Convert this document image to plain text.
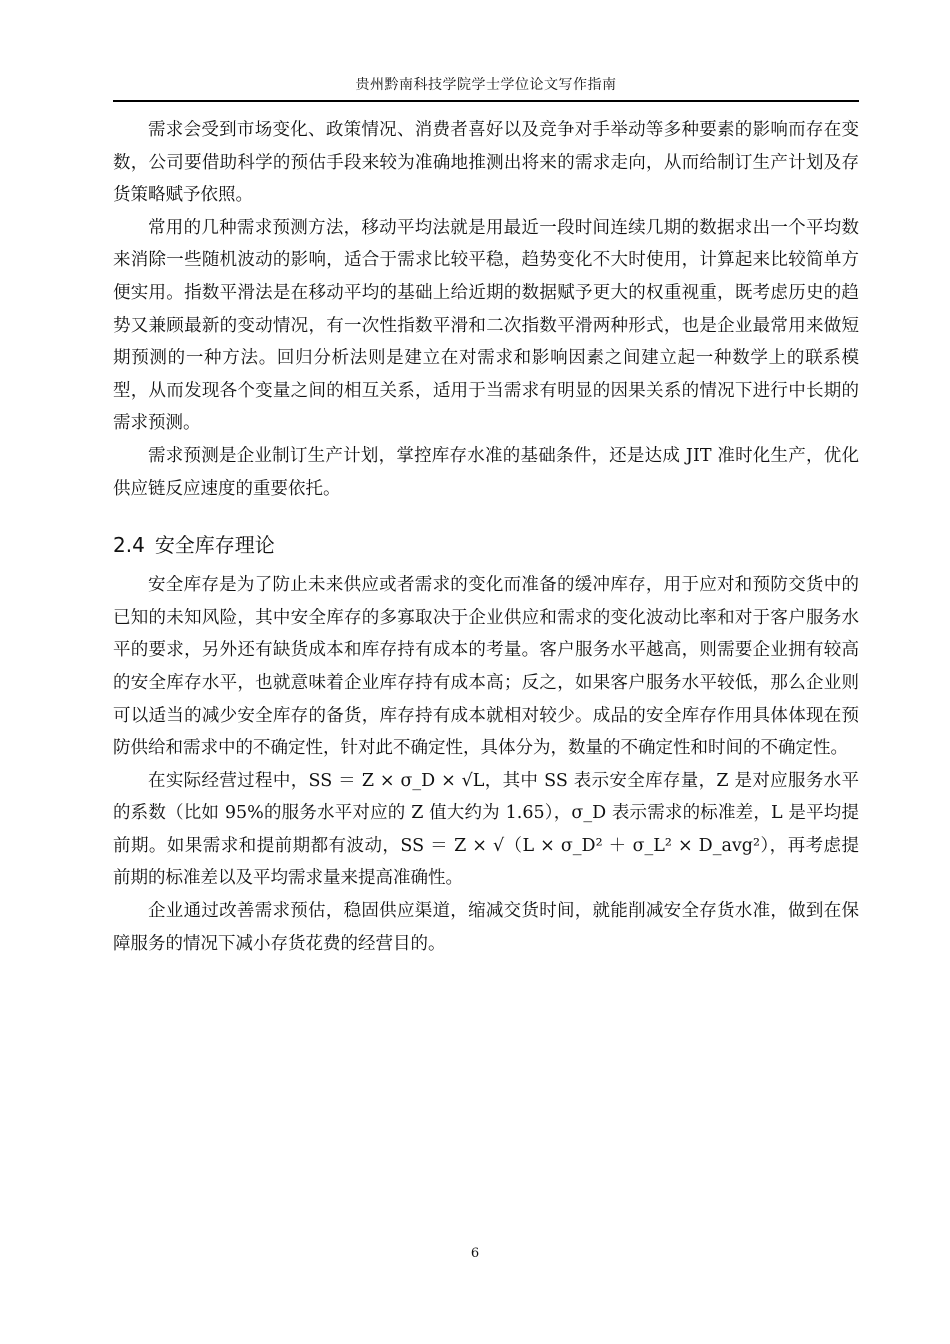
贵州黔南科技学院学士学位论文写作指南

需求会受到市场变化、政策情况、消费者喜好以及竞争对手举动等多种要素的影响而存在变数，公司要借助科学的预估手段来较为准确地推测出将来的需求走向，从而给制订生产计划及存货策略赋予依照。

常用的几种需求预测方法，移动平均法就是用最近一段时间连续几期的数据求出一个平均数来消除一些随机波动的影响，适合于需求比较平稳，趋势变化不大时使用，计算起来比较简单方便实用。指数平滑法是在移动平均的基础上给近期的数据赋予更大的权重视重，既考虑历史的趋势又兼顾最新的变动情况，有一次性指数平滑和二次指数平滑两种形式，也是企业最常用来做短期预测的一种方法。回归分析法则是建立在对需求和影响因素之间建立起一种数学上的联系模型，从而发现各个变量之间的相互关系，适用于当需求有明显的因果关系的情况下进行中长期的需求预测。

需求预测是企业制订生产计划，掌控库存水准的基础条件，还是达成 JIT 准时化生产，优化供应链反应速度的重要依托。

2.4 安全库存理论

安全库存是为了防止未来供应或者需求的变化而准备的缓冲库存，用于应对和预防交货中的已知的未知风险，其中安全库存的多寡取决于企业供应和需求的变化波动比率和对于客户服务水平的要求，另外还有缺货成本和库存持有成本的考量。客户服务水平越高，则需要企业拥有较高的安全库存水平，也就意味着企业库存持有成本高；反之，如果客户服务水平较低，那么企业则可以适当的减少安全库存的备货，库存持有成本就相对较少。成品的安全库存作用具体体现在预防供给和需求中的不确定性，针对此不确定性，具体分为，数量的不确定性和时间的不确定性。

在实际经营过程中，SS ＝ Z × σ_D × √L，其中 SS 表示安全库存量，Z 是对应服务水平的系数（比如 95%的服务水平对应的 Z 值大约为 1.65），σ_D 表示需求的标准差，L 是平均提前期。如果需求和提前期都有波动，SS ＝ Z × √（L × σ_D² ＋ σ_L² × D_avg²），再考虑提前期的标准差以及平均需求量来提高准确性。

企业通过改善需求预估，稳固供应渠道，缩减交货时间，就能削减安全存货水准，做到在保障服务的情况下减小存货花费的经营目的。

6
